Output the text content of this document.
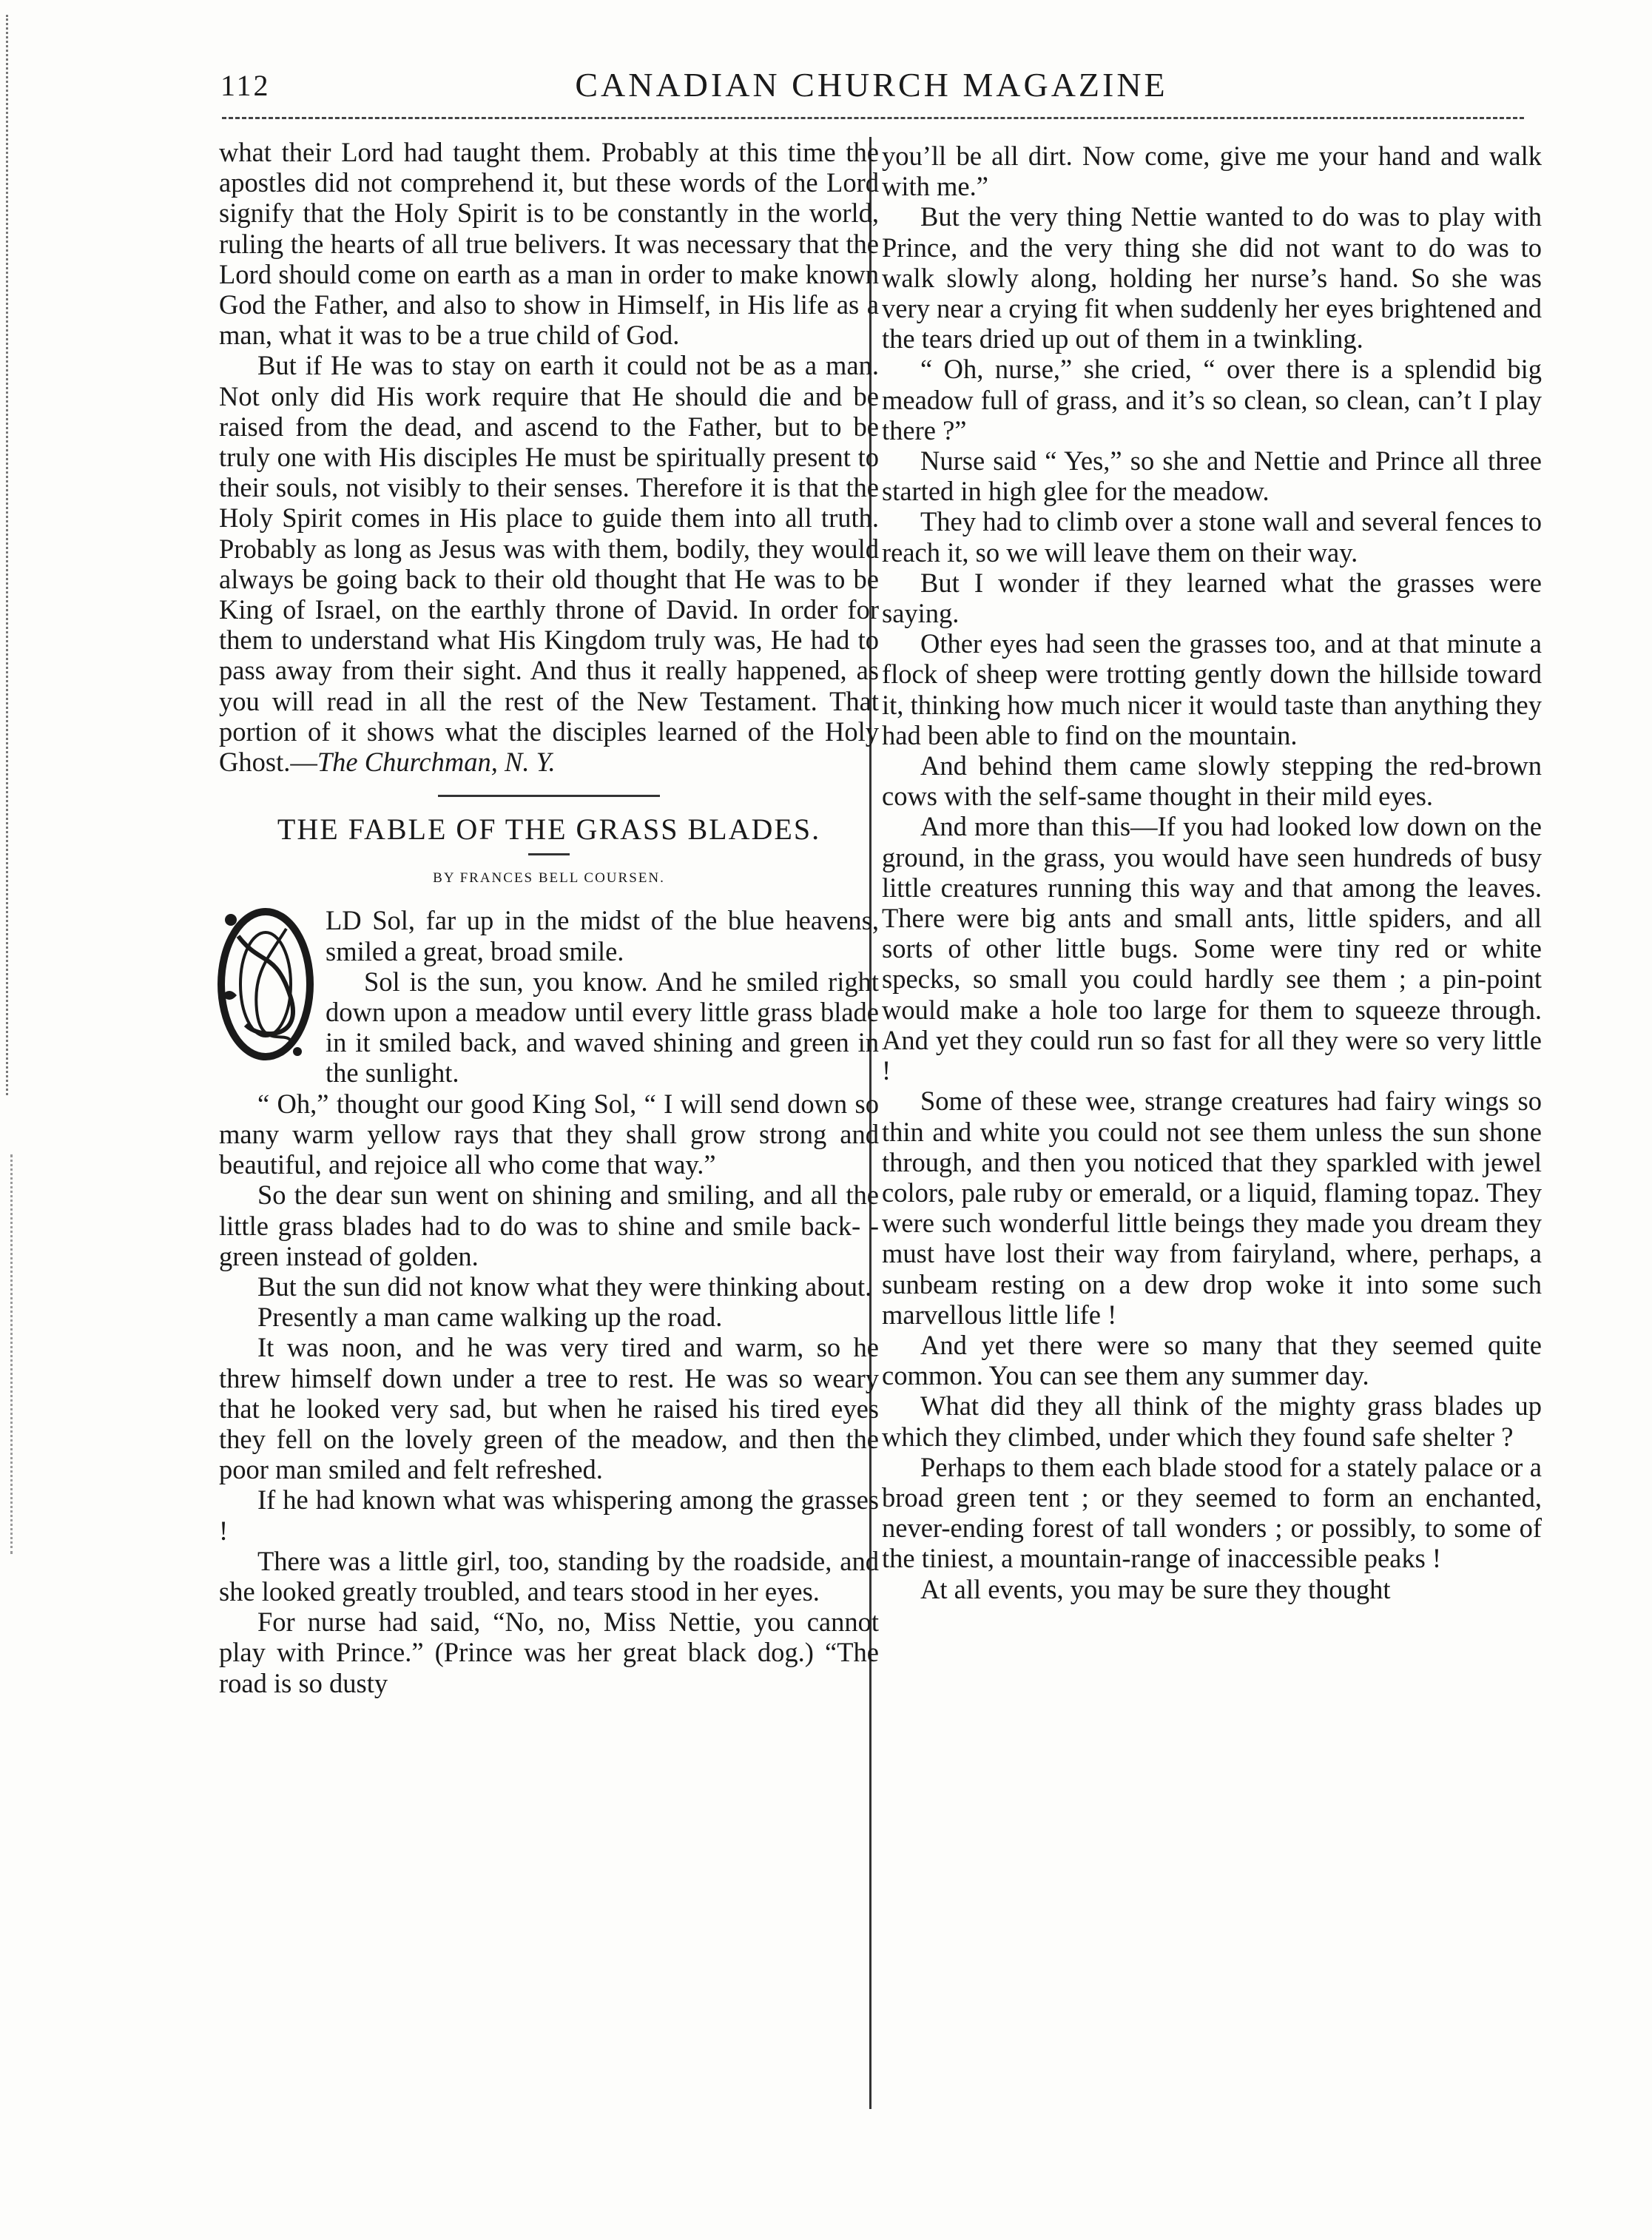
112	CANADIAN CHURCH MAGAZINE

what their Lord had taught them. Probably at this time the apostles did not comprehend it, but these words of the Lord signify that the Holy Spirit is to be constantly in the world, ruling the hearts of all true belivers. It was necessary that the Lord should come on earth as a man in order to make known God the Father, and also to show in Himself, in His life as a man, what it was to be a true child of God.

But if He was to stay on earth it could not be as a man. Not only did His work require that He should die and be raised from the dead, and ascend to the Father, but to be truly one with His disciples He must be spiritually present to their souls, not visibly to their senses. Therefore it is that the Holy Spirit comes in His place to guide them into all truth. Probably as long as Jesus was with them, bodily, they would always be going back to their old thought that He was to be King of Israel, on the earthly throne of David. In order for them to understand what His Kingdom truly was, He had to pass away from their sight. And thus it really happened, as you will read in all the rest of the New Testament. That portion of it shows what the disciples learned of the Holy Ghost.—The Churchman, N. Y.

THE FABLE OF THE GRASS BLADES.
BY FRANCES BELL COURSEN.

LD Sol, far up in the midst of the blue heavens, smiled a great, broad smile.

Sol is the sun, you know. And he smiled right down upon a meadow until every little grass blade in it smiled back, and waved shining and green in the sunlight.

“ Oh,” thought our good King Sol, “ I will send down so many warm yellow rays that they shall grow strong and beautiful, and rejoice all who come that way.”

So the dear sun went on shining and smiling, and all the little grass blades had to do was to shine and smile back- - green instead of golden.

But the sun did not know what they were thinking about.

Presently a man came walking up the road.

It was noon, and he was very tired and warm, so he threw himself down under a tree to rest. He was so weary that he looked very sad, but when he raised his tired eyes they fell on the lovely green of the meadow, and then the poor man smiled and felt refreshed.

If he had known what was whispering among the grasses !

There was a little girl, too, standing by the roadside, and she looked greatly troubled, and tears stood in her eyes.

For nurse had said, “No, no, Miss Nettie, you cannot play with Prince.” (Prince was her great black dog.) “The road is so dusty

you’ll be all dirt. Now come, give me your hand and walk with me.”

But the very thing Nettie wanted to do was to play with Prince, and the very thing she did not want to do was to walk slowly along, holding her nurse’s hand. So she was very near a crying fit when suddenly her eyes brightened and the tears dried up out of them in a twinkling.

“ Oh, nurse,” she cried, “ over there is a splendid big meadow full of grass, and it’s so clean, so clean, can’t I play there ?”

Nurse said “ Yes,” so she and Nettie and Prince all three started in high glee for the meadow.

They had to climb over a stone wall and several fences to reach it, so we will leave them on their way.

But I wonder if they learned what the grasses were saying.

Other eyes had seen the grasses too, and at that minute a flock of sheep were trotting gently down the hillside toward it, thinking how much nicer it would taste than anything they had been able to find on the mountain.

And behind them came slowly stepping the red-brown cows with the self-same thought in their mild eyes.

And more than this—If you had looked low down on the ground, in the grass, you would have seen hundreds of busy little creatures running this way and that among the leaves. There were big ants and small ants, little spiders, and all sorts of other little bugs. Some were tiny red or white specks, so small you could hardly see them ; a pin-point would make a hole too large for them to squeeze through. And yet they could run so fast for all they were so very little !

Some of these wee, strange creatures had fairy wings so thin and white you could not see them unless the sun shone through, and then you noticed that they sparkled with jewel colors, pale ruby or emerald, or a liquid, flaming topaz. They were such wonderful little beings they made you dream they must have lost their way from fairyland, where, perhaps, a sunbeam resting on a dew drop woke it into some such marvellous little life !

And yet there were so many that they seemed quite common. You can see them any summer day.

What did they all think of the mighty grass blades up which they climbed, under which they found safe shelter ?

Perhaps to them each blade stood for a stately palace or a broad green tent ; or they seemed to form an enchanted, never-ending forest of tall wonders ; or possibly, to some of the tiniest, a mountain-range of inaccessible peaks !

At all events, you may be sure they thought
